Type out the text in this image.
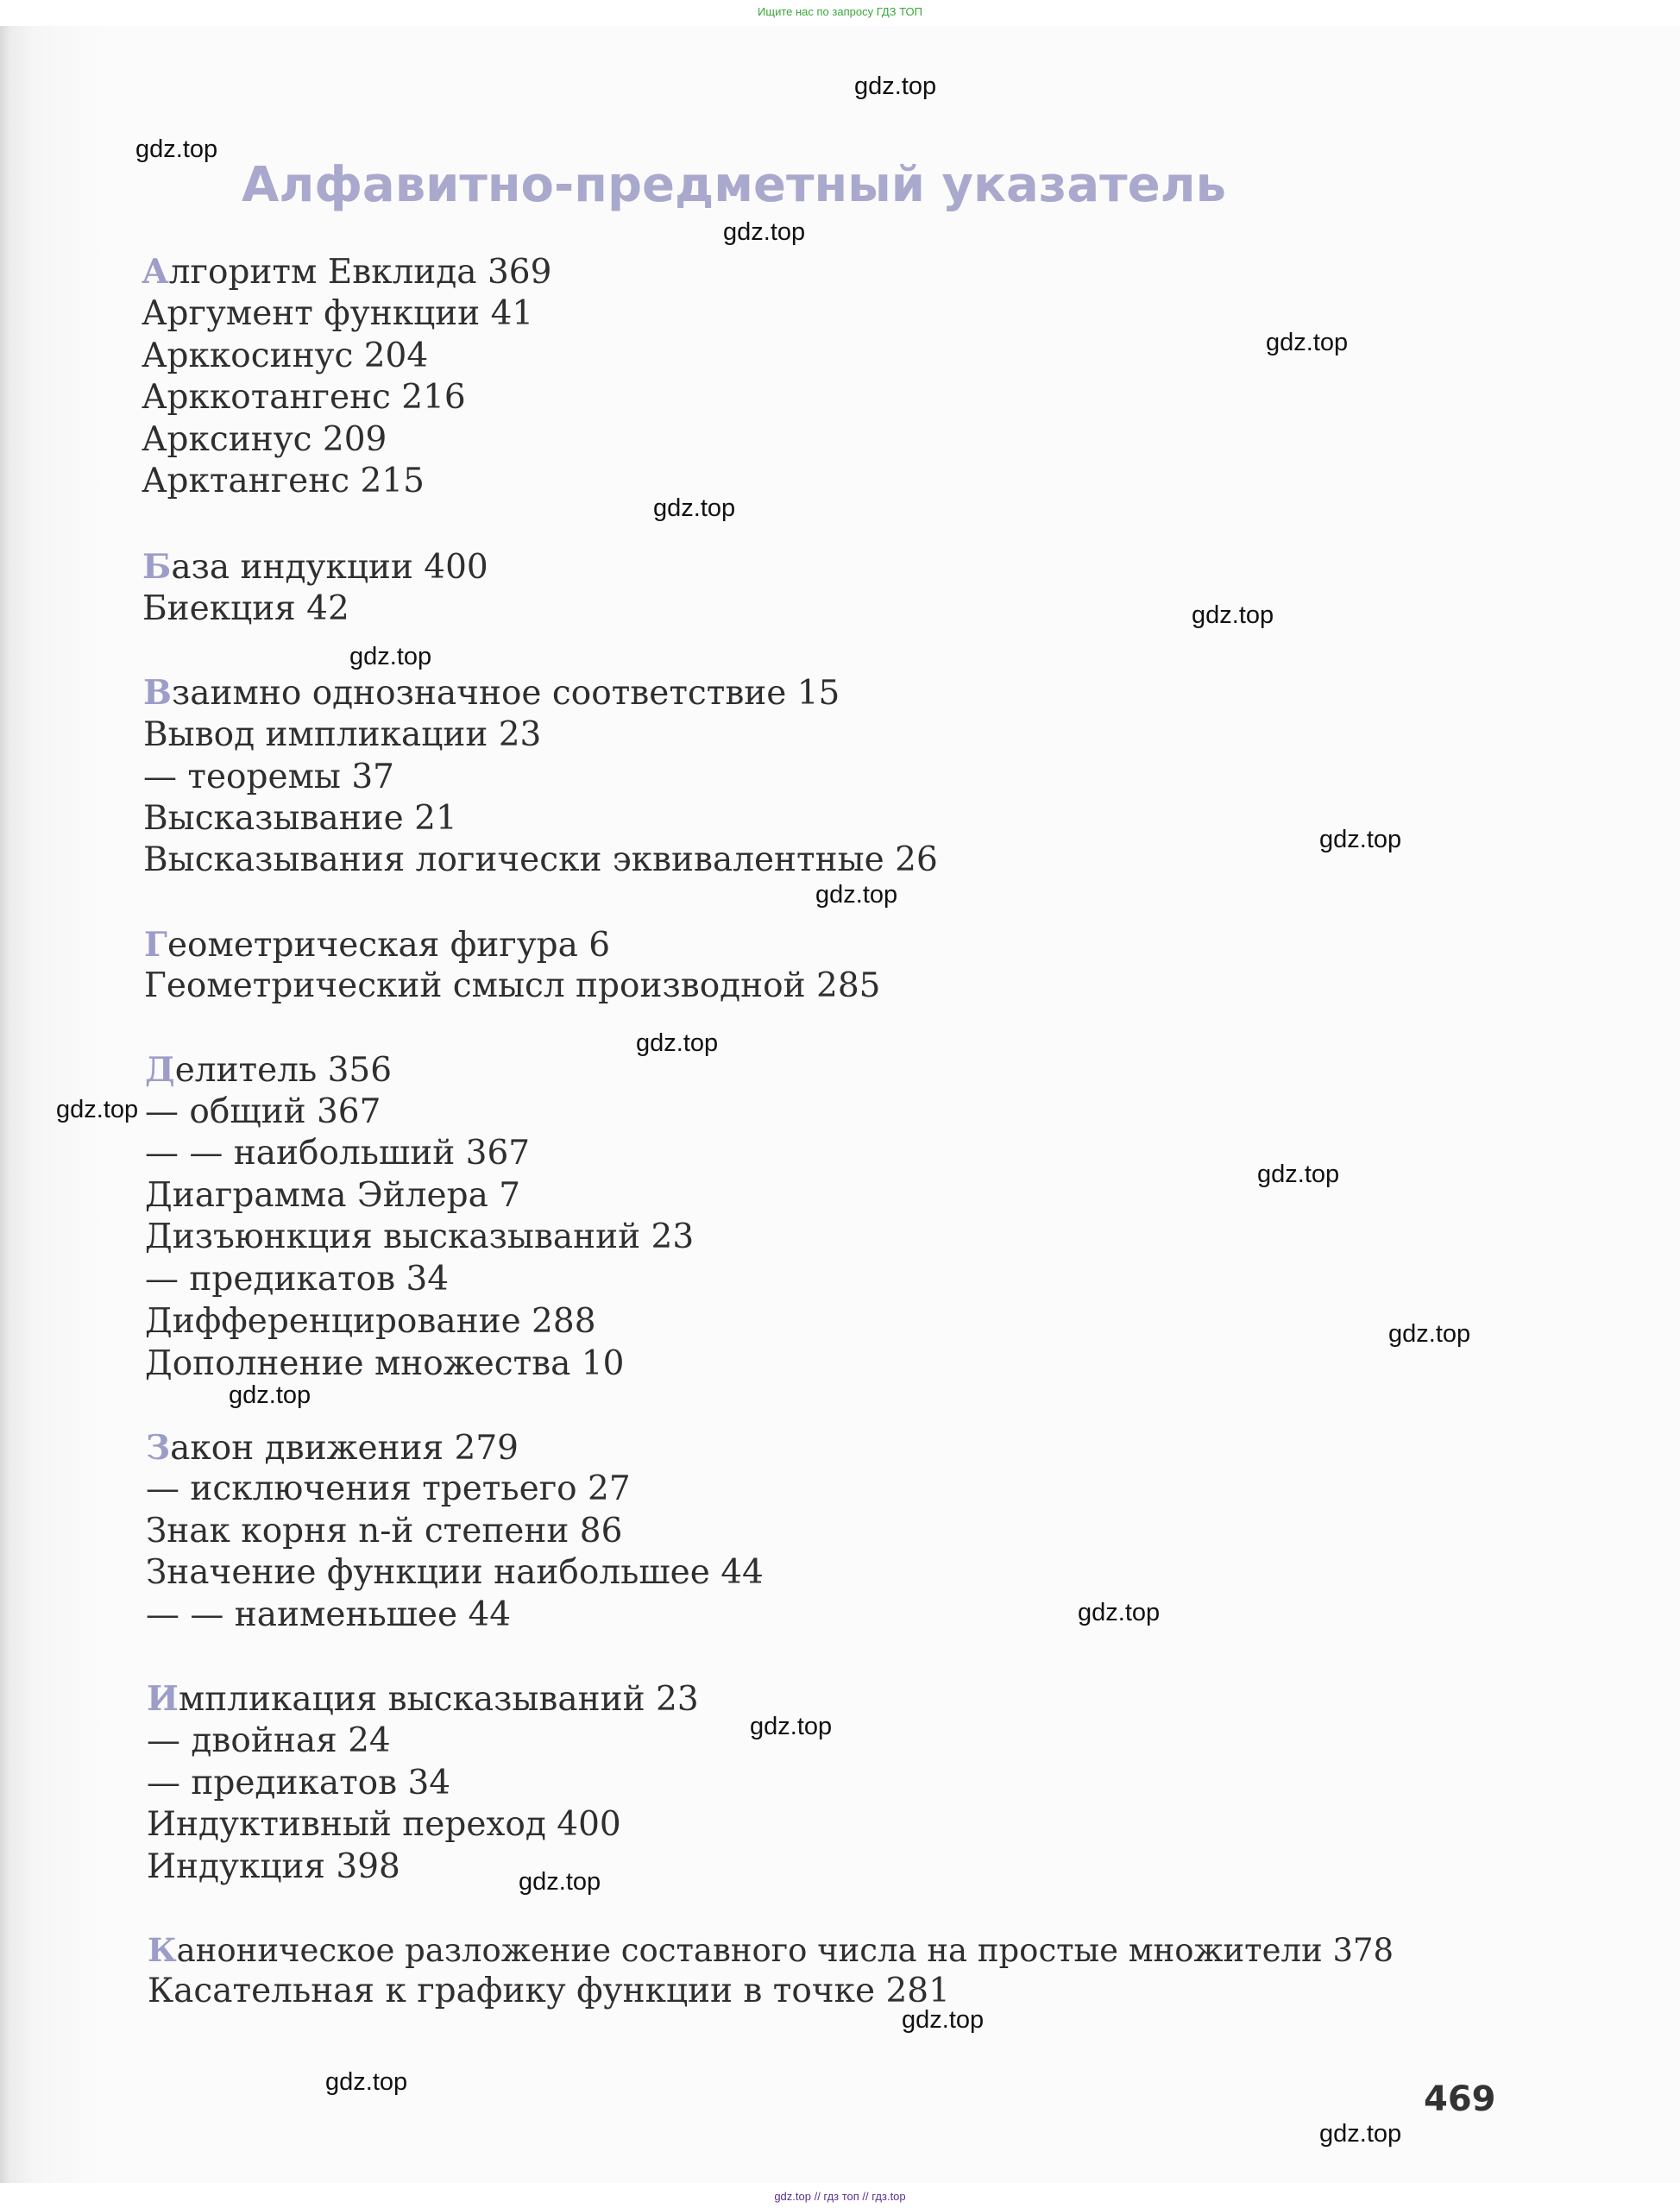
Ищите нас по запросу ГДЗ ТОП
Алфавитно-предметный указатель
Алгоритм Евклида 369
Аргумент функции 41
Арккосинус 204
Арккотангенс 216
Арксинус 209
Арктангенс 215
База индукции 400
Биекция 42
Взаимно однозначное соответствие 15
Вывод импликации 23
— теоремы 37
Высказывание 21
Высказывания логически эквивалентные 26
Геометрическая фигура 6
Геометрический смысл производной 285
Делитель 356
— общий 367
— — наибольший 367
Диаграмма Эйлера 7
Дизъюнкция высказываний 23
— предикатов 34
Дифференцирование 288
Дополнение множества 10
Закон движения 279
— исключения третьего 27
Знак корня n-й степени 86
Значение функции наибольшее 44
— — наименьшее 44
Импликация высказываний 23
— двойная 24
— предикатов 34
Индуктивный переход 400
Индукция 398
Каноническое разложение составного числа на простые множители 378
Касательная к графику функции в точке 281
469
gdz.top
gdz.top
gdz.top
gdz.top
gdz.top
gdz.top
gdz.top
gdz.top
gdz.top
gdz.top
gdz.top
gdz.top
gdz.top
gdz.top
gdz.top
gdz.top
gdz.top
gdz.top
gdz.top
gdz.top
gdz.top // гдз топ // гдз.top
